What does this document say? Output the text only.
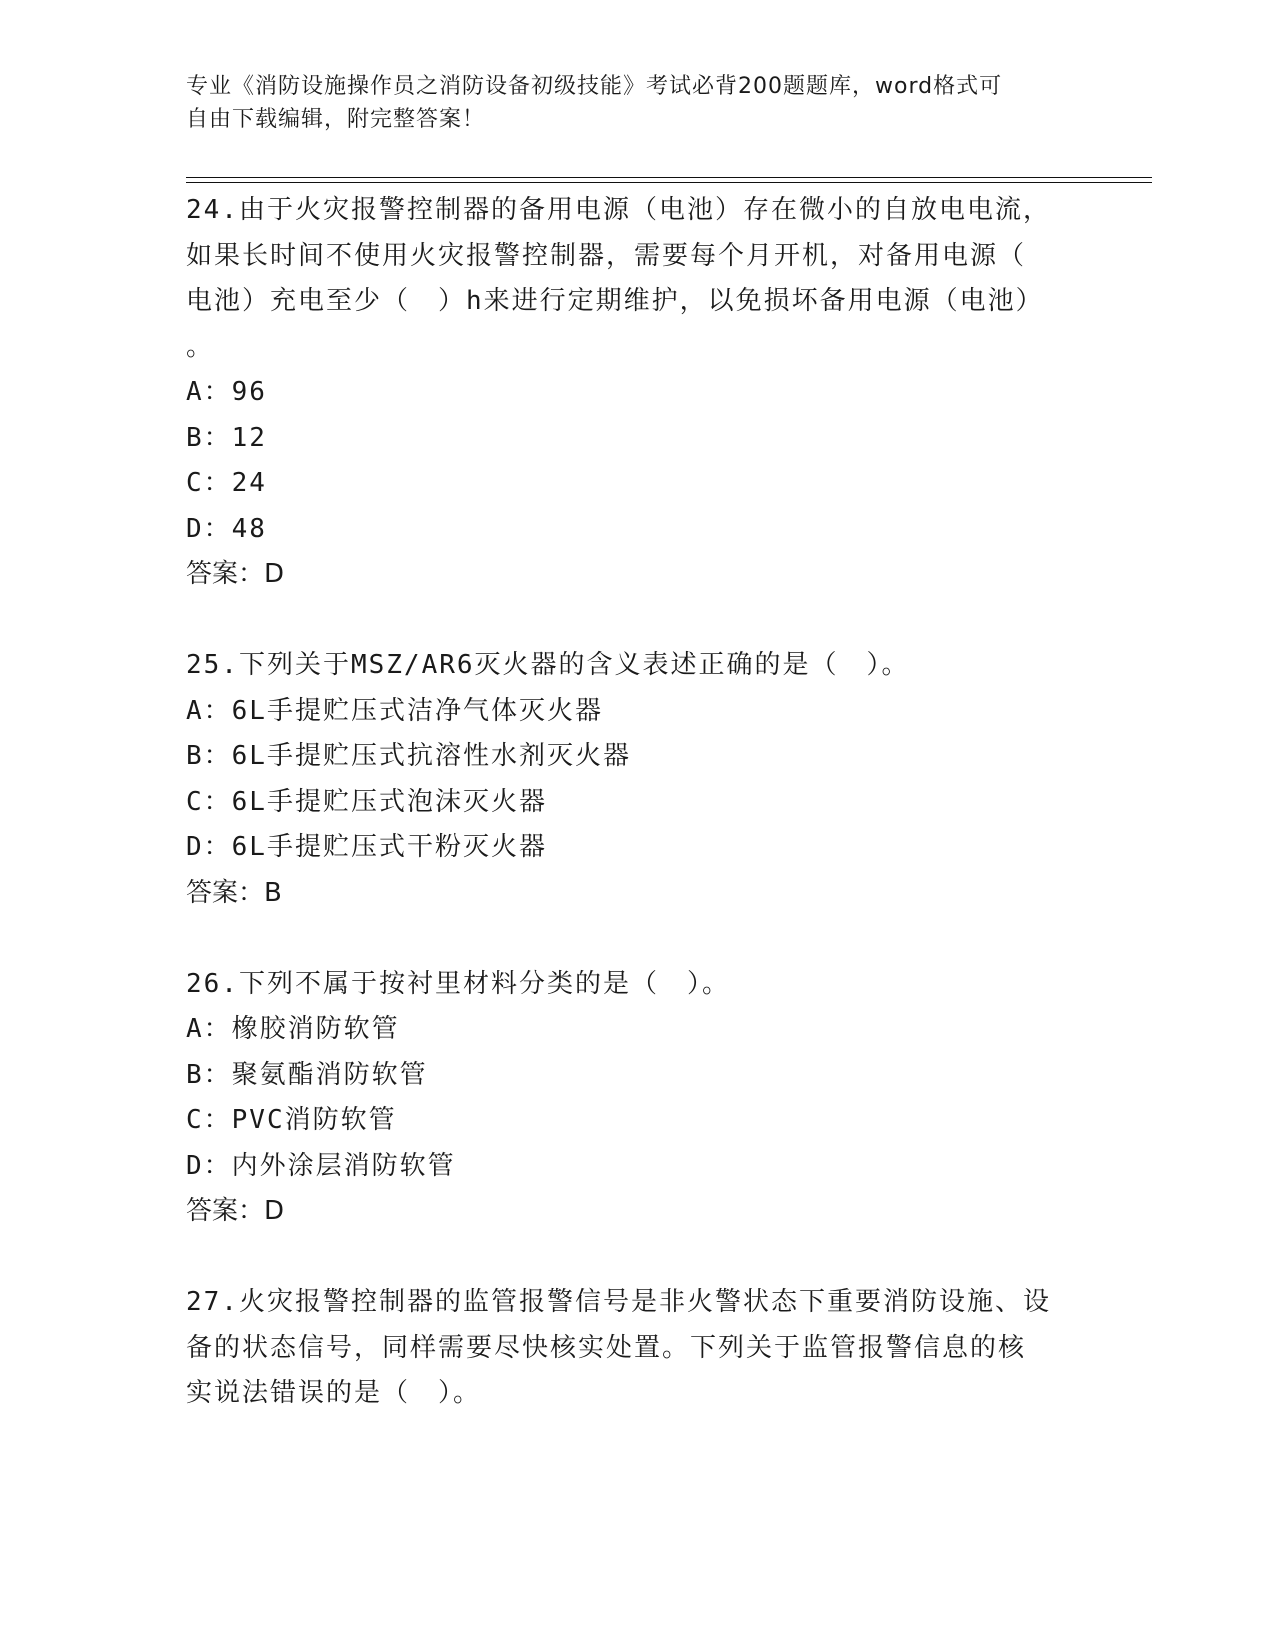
专业《消防设施操作员之消防设备初级技能》考试必背200题题库，word格式可
自由下载编辑，附完整答案！

24.由于火灾报警控制器的备用电源（电池）存在微小的自放电电流，

如果长时间不使用火灾报警控制器，需要每个月开机，对备用电源（

电池）充电至少（　）h来进行定期维护，以免损坏备用电源（电池）

。

A：96

B：12

C：24

D：48

答案：D

25.下列关于MSZ/AR6灭火器的含义表述正确的是（　）。

A：6L手提贮压式洁净气体灭火器

B：6L手提贮压式抗溶性水剂灭火器

C：6L手提贮压式泡沫灭火器

D：6L手提贮压式干粉灭火器

答案：B

26.下列不属于按衬里材料分类的是（　）。

A：橡胶消防软管

B：聚氨酯消防软管

C：PVC消防软管

D：内外涂层消防软管

答案：D

27.火灾报警控制器的监管报警信号是非火警状态下重要消防设施、设

备的状态信号，同样需要尽快核实处置。下列关于监管报警信息的核

实说法错误的是（　）。
